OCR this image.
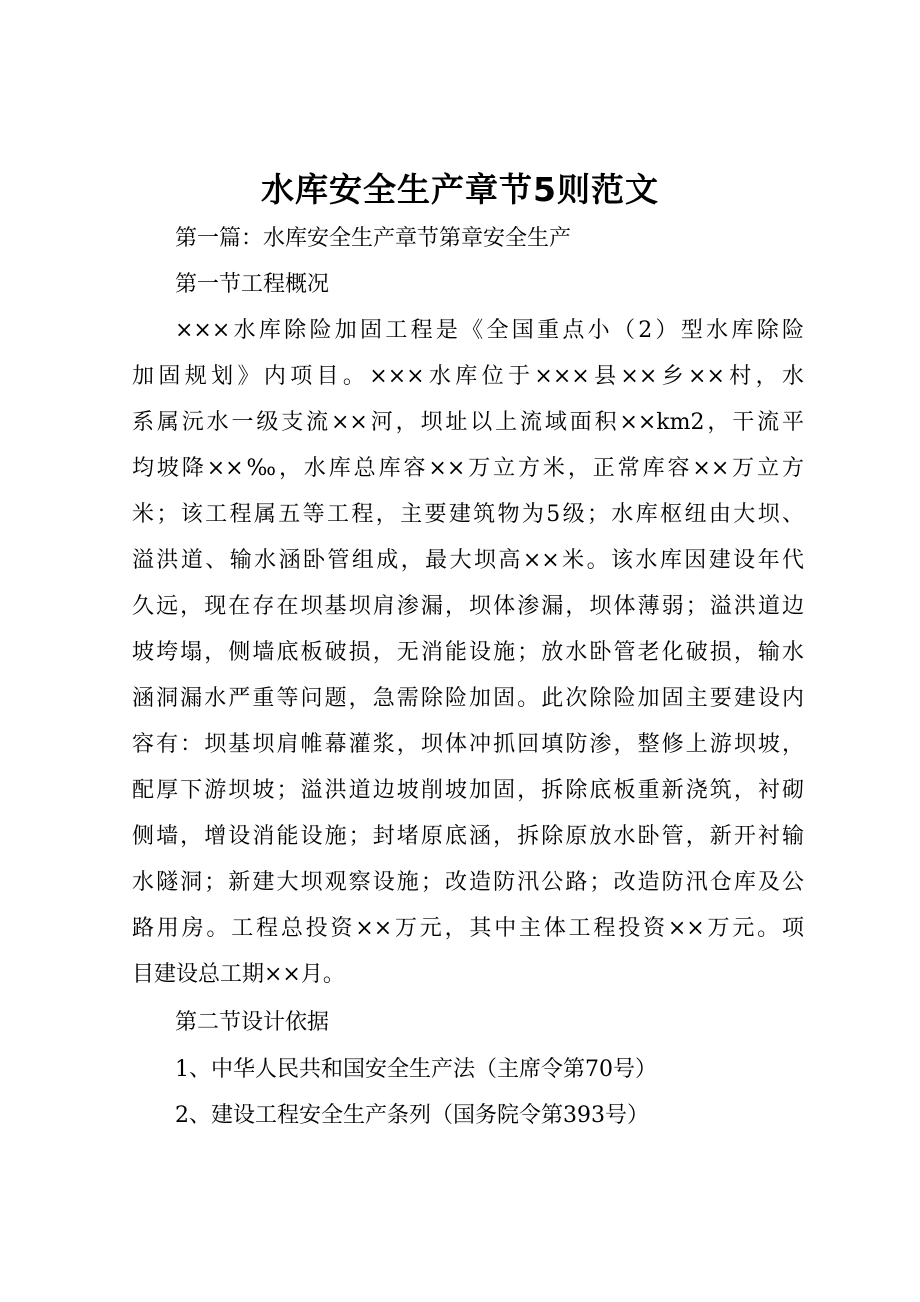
水库安全生产章节5则范文
第一篇：水库安全生产章节第章安全生产
第一节工程概况
×××水库除险加固工程是《全国重点小（2）型水库除险
加固规划》内项目。×××水库位于×××县××乡××村，水
系属沅水一级支流××河，坝址以上流域面积××km2，干流平
均坡降××‰，水库总库容××万立方米，正常库容××万立方
米；该工程属五等工程，主要建筑物为5级；水库枢纽由大坝、
溢洪道、输水涵卧管组成，最大坝高××米。该水库因建设年代
久远，现在存在坝基坝肩渗漏，坝体渗漏，坝体薄弱；溢洪道边
坡垮塌，侧墙底板破损，无消能设施；放水卧管老化破损，输水
涵洞漏水严重等问题，急需除险加固。此次除险加固主要建设内
容有：坝基坝肩帷幕灌浆，坝体冲抓回填防渗，整修上游坝坡，
配厚下游坝坡；溢洪道边坡削坡加固，拆除底板重新浇筑，衬砌
侧墙，增设消能设施；封堵原底涵，拆除原放水卧管，新开衬输
水隧洞；新建大坝观察设施；改造防汛公路；改造防汛仓库及公
路用房。工程总投资××万元，其中主体工程投资××万元。项
目建设总工期××月。
第二节设计依据
1、中华人民共和国安全生产法（主席令第70号）
2、建设工程安全生产条列（国务院令第393号）
